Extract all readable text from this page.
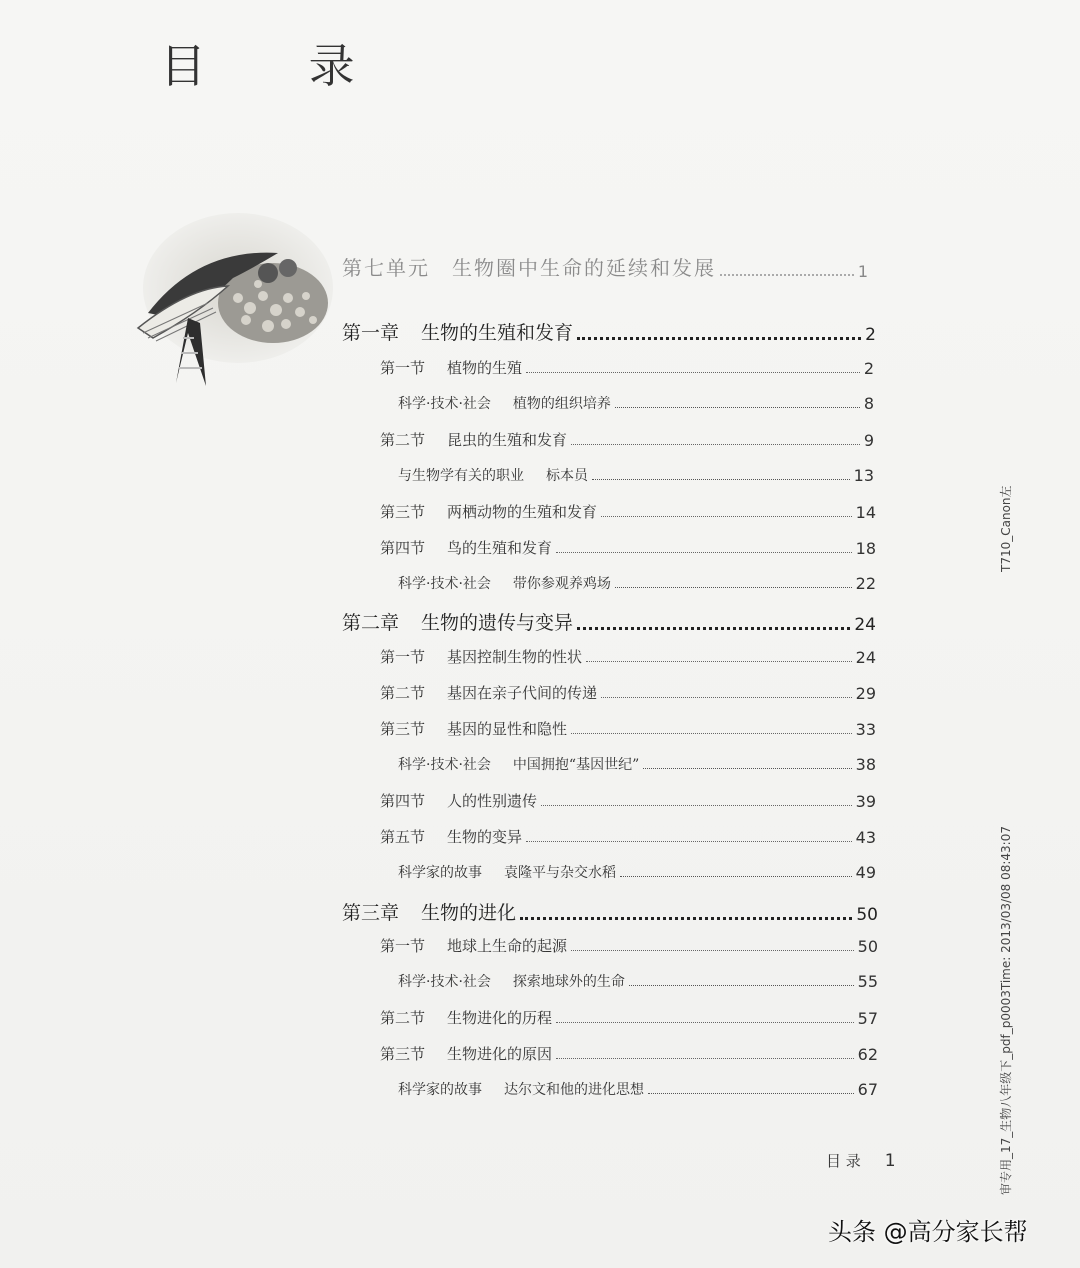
目 录
第七单元 生物圈中生命的延续和发展	1
第一章 生物的生殖和发育	2
第一节 植物的生殖	2
科学·技术·社会 植物的组织培养	8
第二节 昆虫的生殖和发育	9
与生物学有关的职业 标本员	13
第三节 两栖动物的生殖和发育	14
第四节 鸟的生殖和发育	18
科学·技术·社会 带你参观养鸡场	22
第二章 生物的遗传与变异	24
第一节 基因控制生物的性状	24
第二节 基因在亲子代间的传递	29
第三节 基因的显性和隐性	33
科学·技术·社会 中国拥抱“基因世纪”	38
第四节 人的性别遗传	39
第五节 生物的变异	43
科学家的故事 袁隆平与杂交水稻	49
第三章 生物的进化	50
第一节 地球上生命的起源	50
科学·技术·社会 探索地球外的生命	55
第二节 生物进化的历程	57
第三节 生物进化的原因	62
科学家的故事 达尔文和他的进化思想	67
目 录 1
T710_Canon左
审专用_17_生物八年级下_pdf_p0003Time: 2013/03/08 08:43:07
头条 @高分家长帮
